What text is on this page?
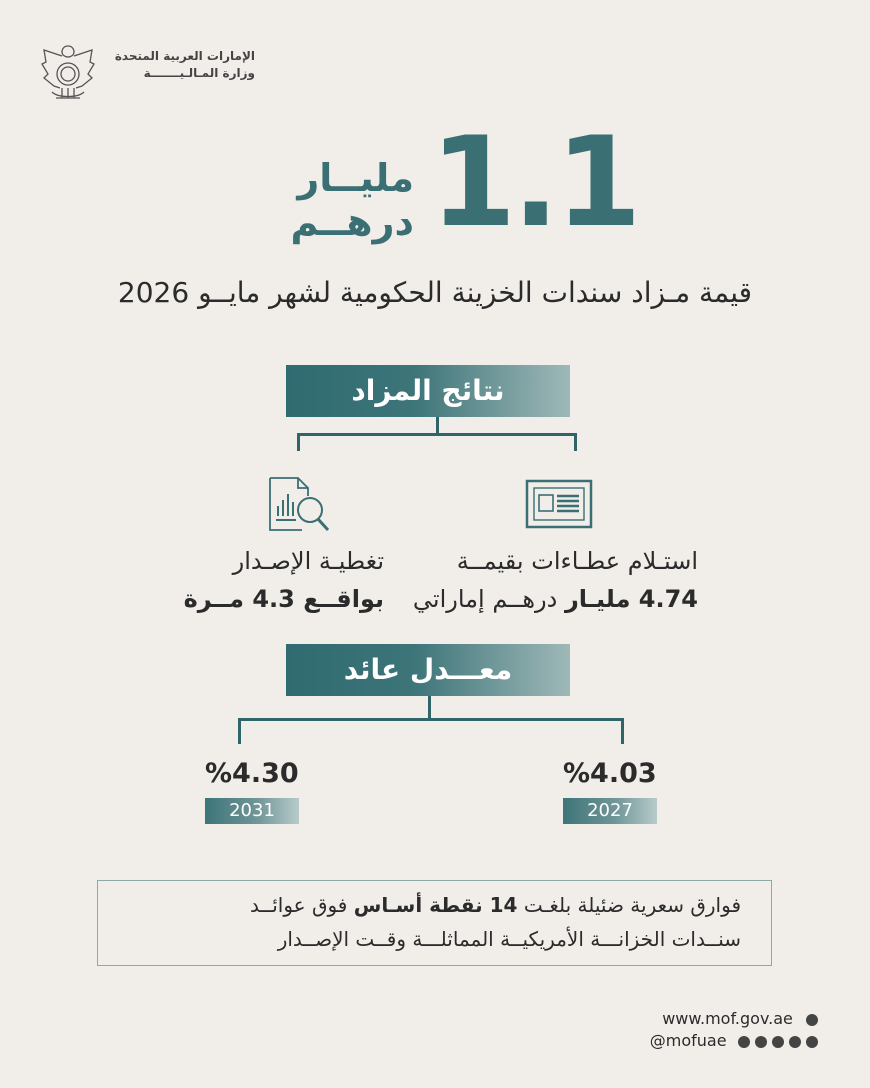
الإمارات العربية المتحدة
وزارة المـالـيـــــــة
1.1
مليــار
درهــم
قيمة مـزاد سندات الخزينة الحكومية لشهر مايــو 2026
نتائج المزاد
استـلام عطـاءات بقيمــة
4.74 مليـار درهــم إماراتي
تغطيـة الإصـدار
بواقــع 4.3 مــرة
معـــدل عائد
%4.03
2027
%4.30
2031
فوارق سعرية ضئيلة بلغـت 14 نقطة أسـاس فوق عوائــد
سنــدات الخزانـــة الأمريكيــة المماثلـــة وقــت الإصــدار
www.mof.gov.ae
@mofuae
